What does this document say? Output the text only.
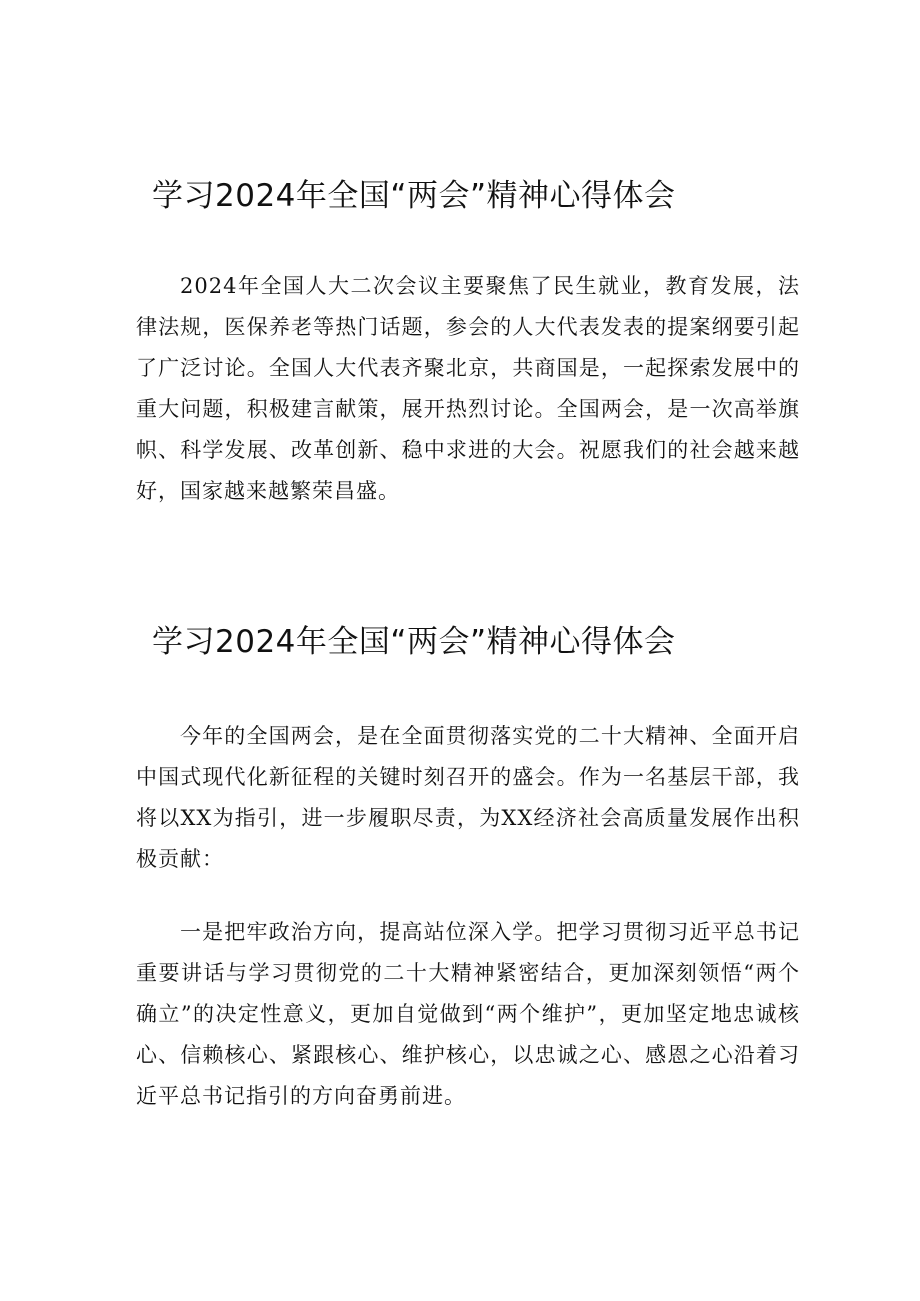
学习2024年全国“两会”精神心得体会

2024年全国人大二次会议主要聚焦了民生就业，教育发展，法律法规，医保养老等热门话题，参会的人大代表发表的提案纲要引起了广泛讨论。全国人大代表齐聚北京，共商国是，一起探索发展中的重大问题，积极建言献策，展开热烈讨论。全国两会，是一次高举旗帜、科学发展、改革创新、稳中求进的大会。祝愿我们的社会越来越好，国家越来越繁荣昌盛。

学习2024年全国“两会”精神心得体会

今年的全国两会，是在全面贯彻落实党的二十大精神、全面开启中国式现代化新征程的关键时刻召开的盛会。作为一名基层干部，我将以XX为指引，进一步履职尽责，为XX经济社会高质量发展作出积极贡献：

一是把牢政治方向，提高站位深入学。把学习贯彻习近平总书记重要讲话与学习贯彻党的二十大精神紧密结合，更加深刻领悟“两个确立”的决定性意义，更加自觉做到“两个维护”，更加坚定地忠诚核心、信赖核心、紧跟核心、维护核心，以忠诚之心、感恩之心沿着习近平总书记指引的方向奋勇前进。
